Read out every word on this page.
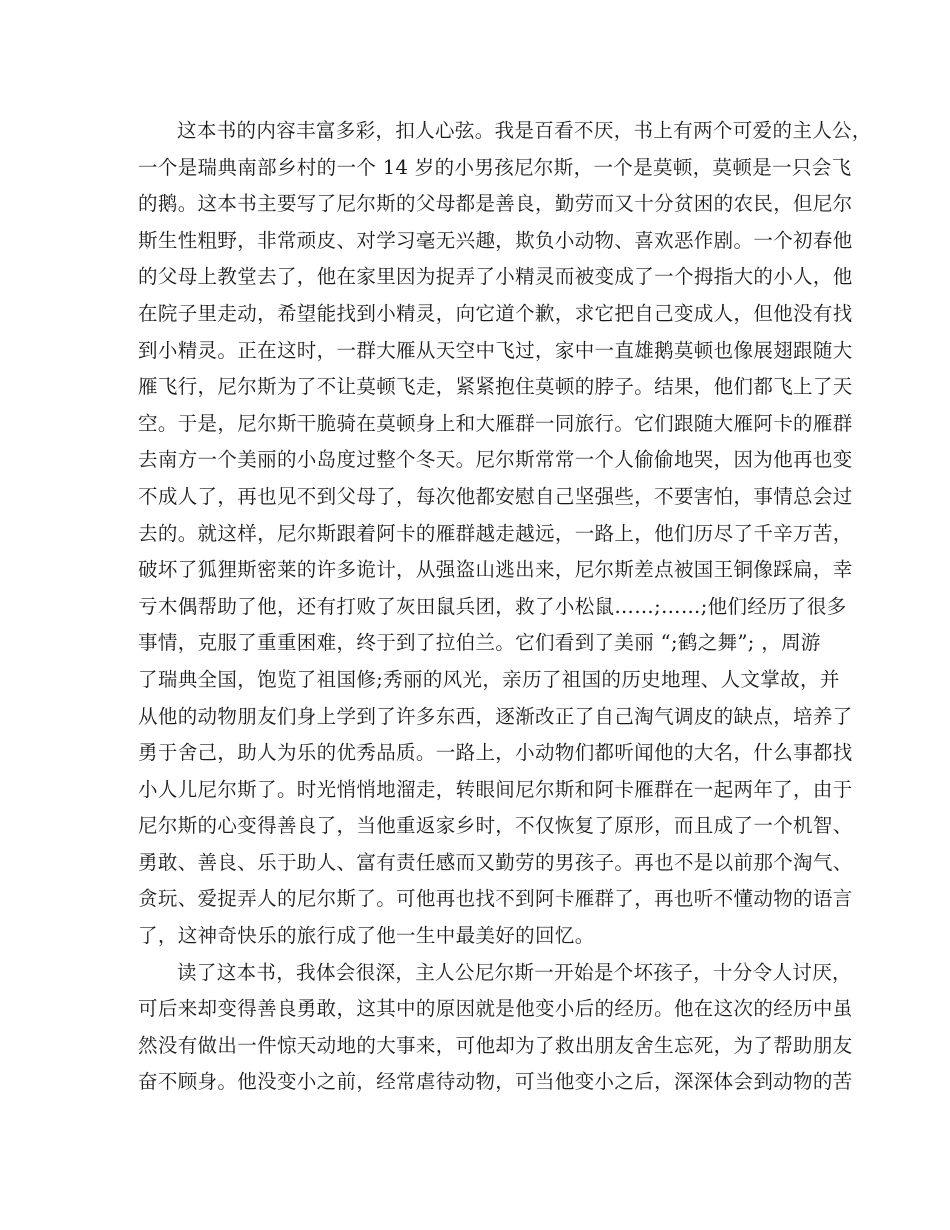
这本书的内容丰富多彩，扣人心弦。我是百看不厌，书上有两个可爱的主人公，
一个是瑞典南部乡村的一个 14 岁的小男孩尼尔斯，一个是莫顿，莫顿是一只会飞
的鹅。这本书主要写了尼尔斯的父母都是善良，勤劳而又十分贫困的农民，但尼尔
斯生性粗野，非常顽皮、对学习毫无兴趣，欺负小动物、喜欢恶作剧。一个初春他
的父母上教堂去了，他在家里因为捉弄了小精灵而被变成了一个拇指大的小人，他
在院子里走动，希望能找到小精灵，向它道个歉，求它把自己变成人，但他没有找
到小精灵。正在这时，一群大雁从天空中飞过，家中一直雄鹅莫顿也像展翅跟随大
雁飞行，尼尔斯为了不让莫顿飞走，紧紧抱住莫顿的脖子。结果，他们都飞上了天
空。于是，尼尔斯干脆骑在莫顿身上和大雁群一同旅行。它们跟随大雁阿卡的雁群
去南方一个美丽的小岛度过整个冬天。尼尔斯常常一个人偷偷地哭，因为他再也变
不成人了，再也见不到父母了，每次他都安慰自己坚强些，不要害怕，事情总会过
去的。就这样，尼尔斯跟着阿卡的雁群越走越远，一路上，他们历尽了千辛万苦，
破坏了狐狸斯密莱的许多诡计，从强盗山逃出来，尼尔斯差点被国王铜像踩扁，幸
亏木偶帮助了他，还有打败了灰田鼠兵团，救了小松鼠……;……;他们经历了很多
事情，克服了重重困难，终于到了拉伯兰。它们看到了美丽 “;鹤之舞”; ，周游
了瑞典全国，饱览了祖国修;秀丽的风光，亲历了祖国的历史地理、人文掌故，并
从他的动物朋友们身上学到了许多东西，逐渐改正了自己淘气调皮的缺点，培养了
勇于舍己，助人为乐的优秀品质。一路上，小动物们都听闻他的大名，什么事都找
小人儿尼尔斯了。时光悄悄地溜走，转眼间尼尔斯和阿卡雁群在一起两年了，由于
尼尔斯的心变得善良了，当他重返家乡时，不仅恢复了原形，而且成了一个机智、
勇敢、善良、乐于助人、富有责任感而又勤劳的男孩子。再也不是以前那个淘气、
贪玩、爱捉弄人的尼尔斯了。可他再也找不到阿卡雁群了，再也听不懂动物的语言
了，这神奇快乐的旅行成了他一生中最美好的回忆。
读了这本书，我体会很深，主人公尼尔斯一开始是个坏孩子，十分令人讨厌，
可后来却变得善良勇敢，这其中的原因就是他变小后的经历。他在这次的经历中虽
然没有做出一件惊天动地的大事来，可他却为了救出朋友舍生忘死，为了帮助朋友
奋不顾身。他没变小之前，经常虐待动物，可当他变小之后，深深体会到动物的苦
